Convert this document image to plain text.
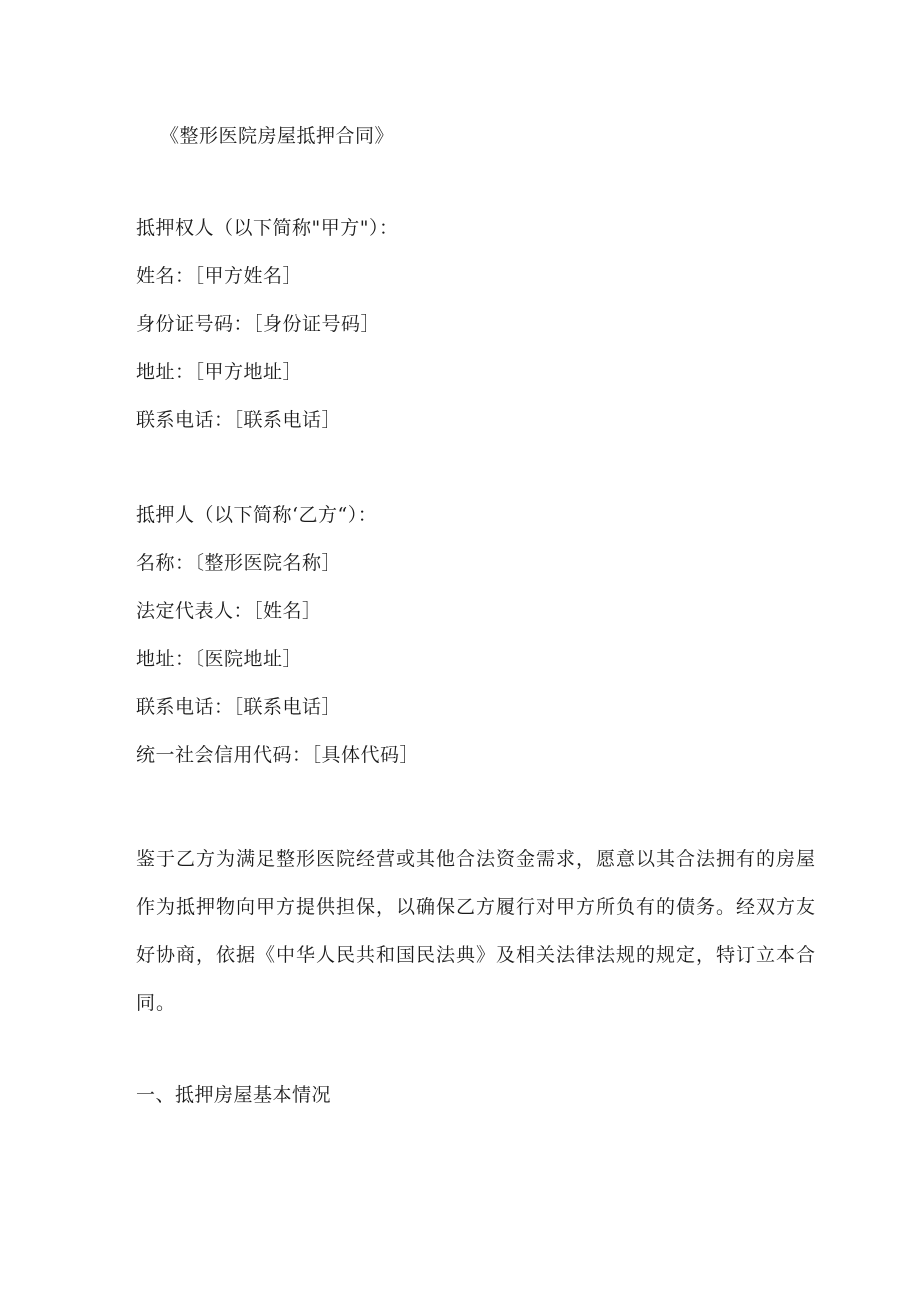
《整形医院房屋抵押合同》
抵押权人（以下简称"甲方"）：
姓名：［甲方姓名］
身份证号码：［身份证号码］
地址：［甲方地址］
联系电话：［联系电话］
抵押人（以下简称‘乙方“）：
名称：〔整形医院名称］
法定代表人：［姓名］
地址：〔医院地址］
联系电话：［联系电话］
统一社会信用代码：［具体代码］
鉴于乙方为满足整形医院经营或其他合法资金需求，愿意以其合法拥有的房屋
作为抵押物向甲方提供担保，以确保乙方履行对甲方所负有的债务。经双方友
好协商，依据《中华人民共和国民法典》及相关法律法规的规定，特订立本合
同。
一、抵押房屋基本情况
